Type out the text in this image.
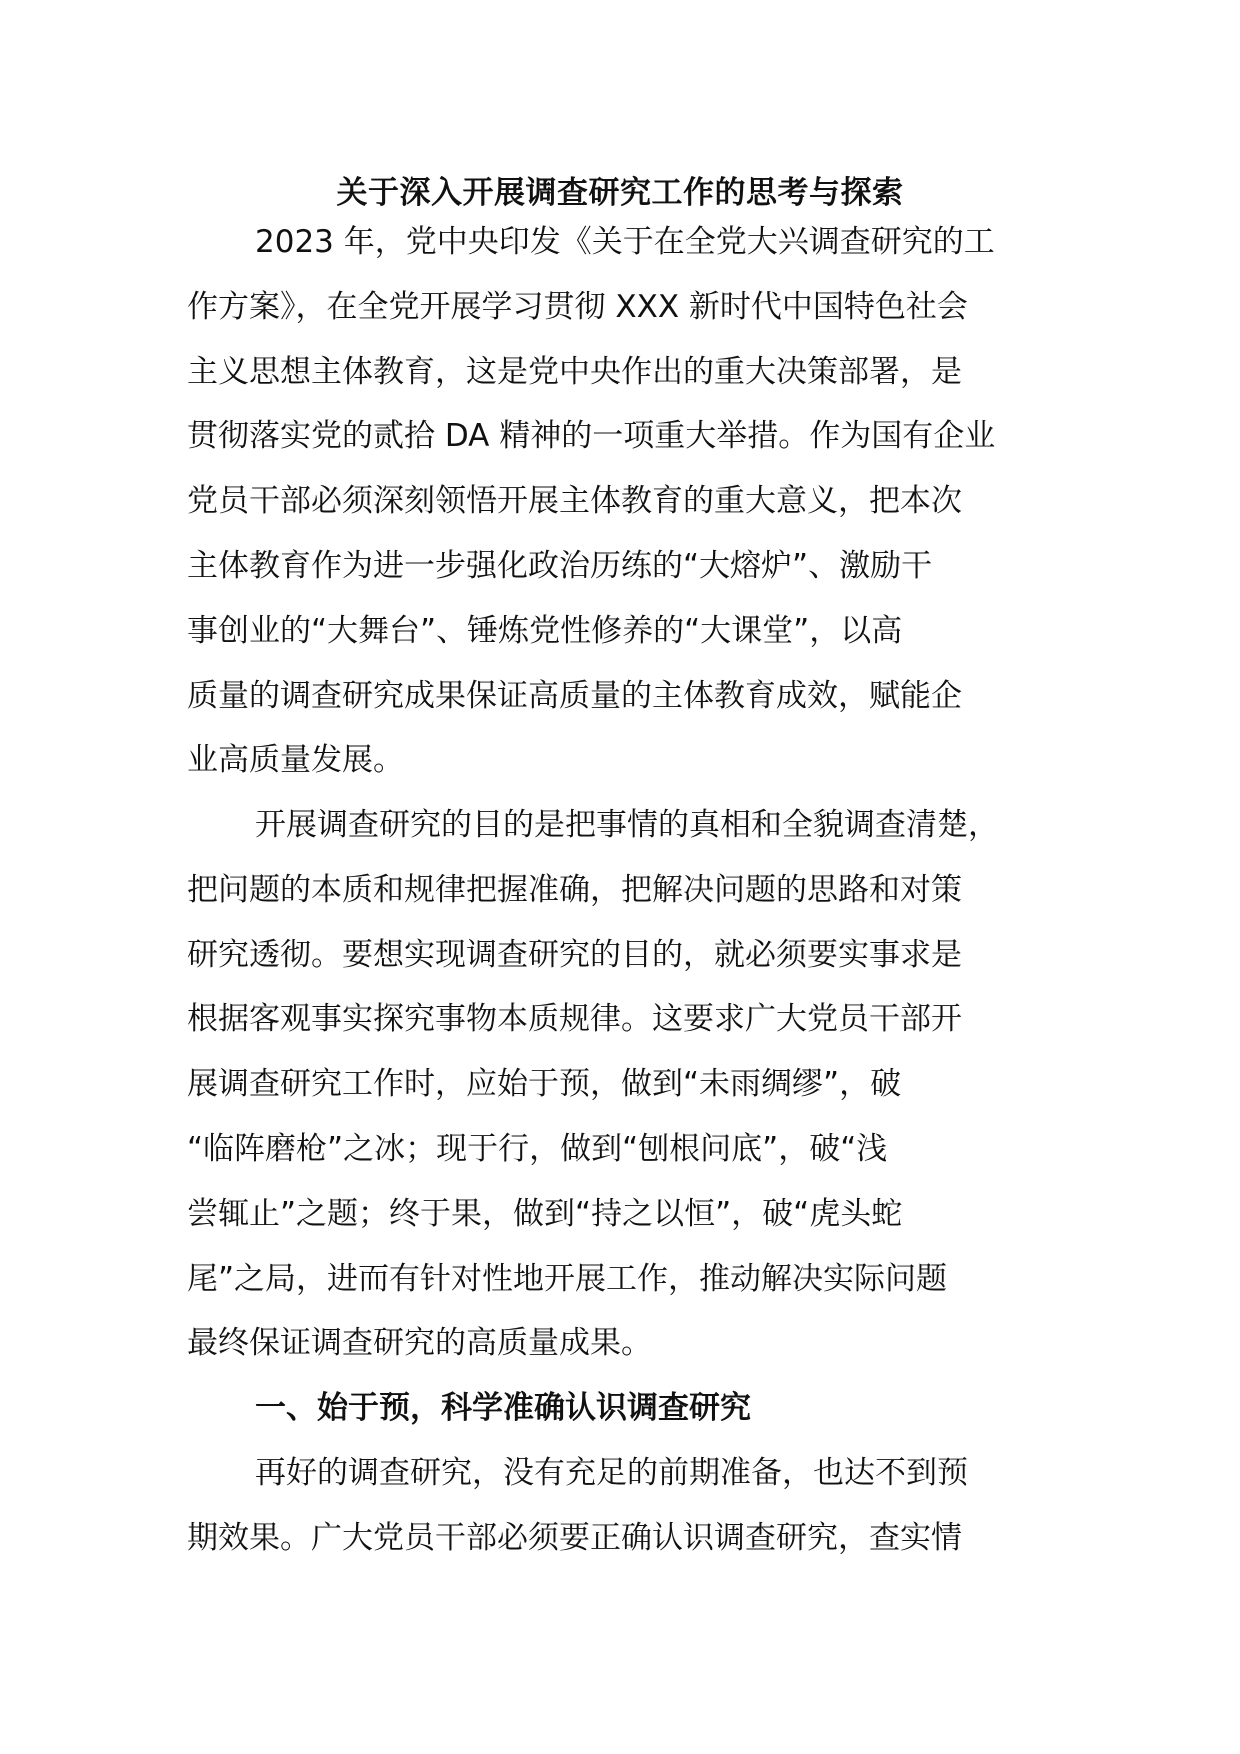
关于深入开展调查研究工作的思考与探索
2023 年，党中央印发《关于在全党大兴调查研究的工
作方案》，在全党开展学习贯彻 XXX 新时代中国特色社会
主义思想主体教育，这是党中央作出的重大决策部署，是
贯彻落实党的贰拾 DA 精神的一项重大举措。作为国有企业
党员干部必须深刻领悟开展主体教育的重大意义，把本次
主体教育作为进一步强化政治历练的“大熔炉”、激励干
事创业的“大舞台”、锤炼党性修养的“大课堂”，以高
质量的调查研究成果保证高质量的主体教育成效，赋能企
业高质量发展。
开展调查研究的目的是把事情的真相和全貌调查清楚，
把问题的本质和规律把握准确，把解决问题的思路和对策
研究透彻。要想实现调查研究的目的，就必须要实事求是
根据客观事实探究事物本质规律。这要求广大党员干部开
展调查研究工作时，应始于预，做到“未雨绸缪”，破
“临阵磨枪”之冰；现于行，做到“刨根问底”，破“浅
尝辄止”之题；终于果，做到“持之以恒”，破“虎头蛇
尾”之局，进而有针对性地开展工作，推动解决实际问题
最终保证调查研究的高质量成果。
一、始于预，科学准确认识调查研究
再好的调查研究，没有充足的前期准备，也达不到预
期效果。广大党员干部必须要正确认识调查研究，查实情
